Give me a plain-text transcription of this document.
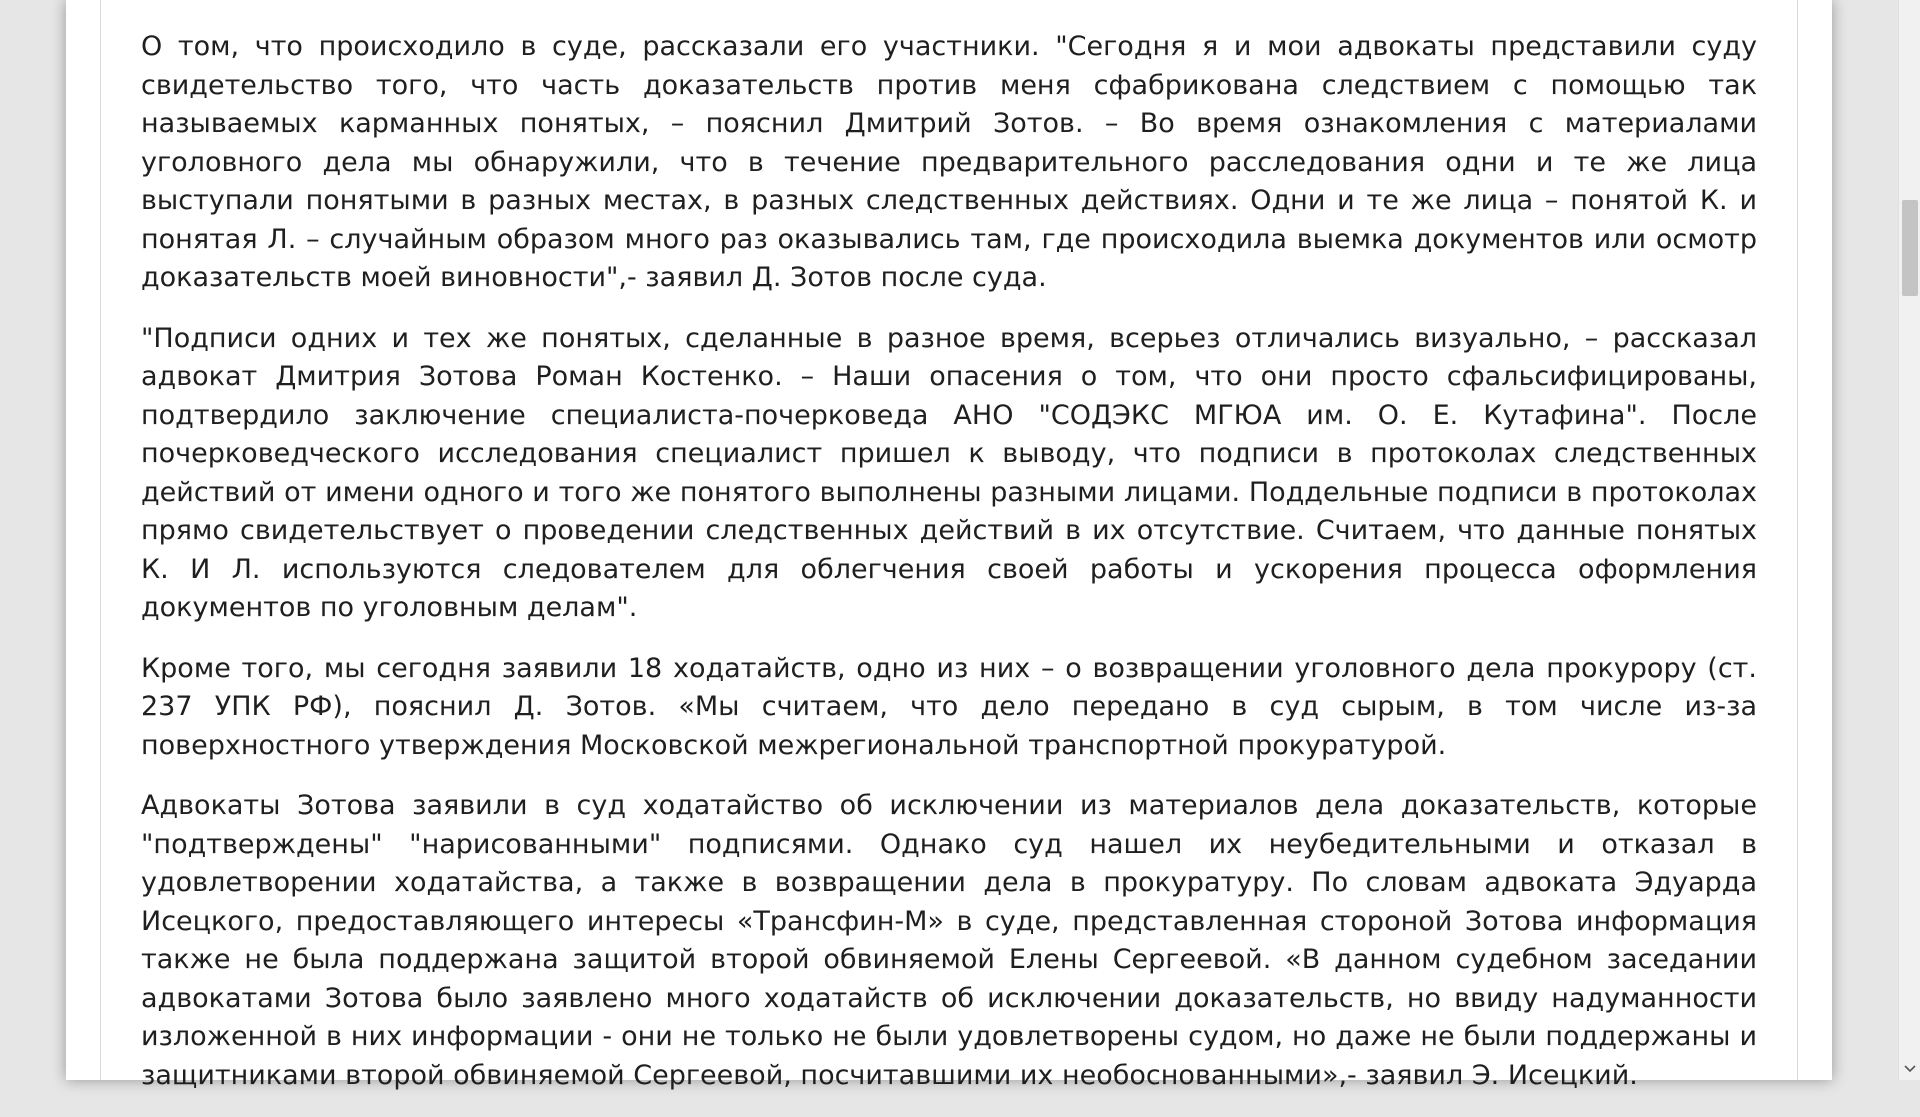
О том, что происходило в суде, рассказали его участники. "Сегодня я и мои адвокаты представили суду свидетельство того, что часть доказательств против меня сфабрикована следствием с помощью так называемых карманных понятых, – пояснил Дмитрий Зотов. – Во время ознакомления с материалами уголовного дела мы обнаружили, что в течение предварительного расследования одни и те же лица выступали понятыми в разных местах, в разных следственных действиях. Одни и те же лица – понятой К. и понятая Л. – случайным образом много раз оказывались там, где происходила выемка документов или осмотр доказательств моей виновности",- заявил Д. Зотов после суда.

"Подписи одних и тех же понятых, сделанные в разное время, всерьез отличались визуально, – рассказал адвокат Дмитрия Зотова Роман Костенко. – Наши опасения о том, что они просто сфальсифицированы, подтвердило заключение специалиста-почерковеда АНО "СОДЭКС МГЮА им. О. Е. Кутафина". После почерковедческого исследования специалист пришел к выводу, что подписи в протоколах следственных действий от имени одного и того же понятого выполнены разными лицами. Поддельные подписи в протоколах прямо свидетельствует о проведении следственных действий в их отсутствие. Считаем, что данные понятых К. И Л. используются следователем для облегчения своей работы и ускорения процесса оформления документов по уголовным делам".

Кроме того, мы сегодня заявили 18 ходатайств, одно из них – о возвращении уголовного дела прокурору (ст. 237 УПК РФ), пояснил Д. Зотов. «Мы считаем, что дело передано в суд сырым, в том числе из-за поверхностного утверждения Московской межрегиональной транспортной прокуратурой.

Адвокаты Зотова заявили в суд ходатайство об исключении из материалов дела доказательств, которые "подтверждены" "нарисованными" подписями. Однако суд нашел их неубедительными и отказал в удовлетворении ходатайства, а также в возвращении дела в прокуратуру. По словам адвоката Эдуарда Исецкого, предоставляющего интересы «Трансфин-М» в суде, представленная стороной Зотова информация также не была поддержана защитой второй обвиняемой Елены Сергеевой. «В данном судебном заседании адвокатами Зотова было заявлено много ходатайств об исключении доказательств, но ввиду надуманности изложенной в них информации - они не только не были удовлетворены судом, но даже не были поддержаны и защитниками второй обвиняемой Сергеевой, посчитавшими их необоснованными»,- заявил Э. Исецкий.
